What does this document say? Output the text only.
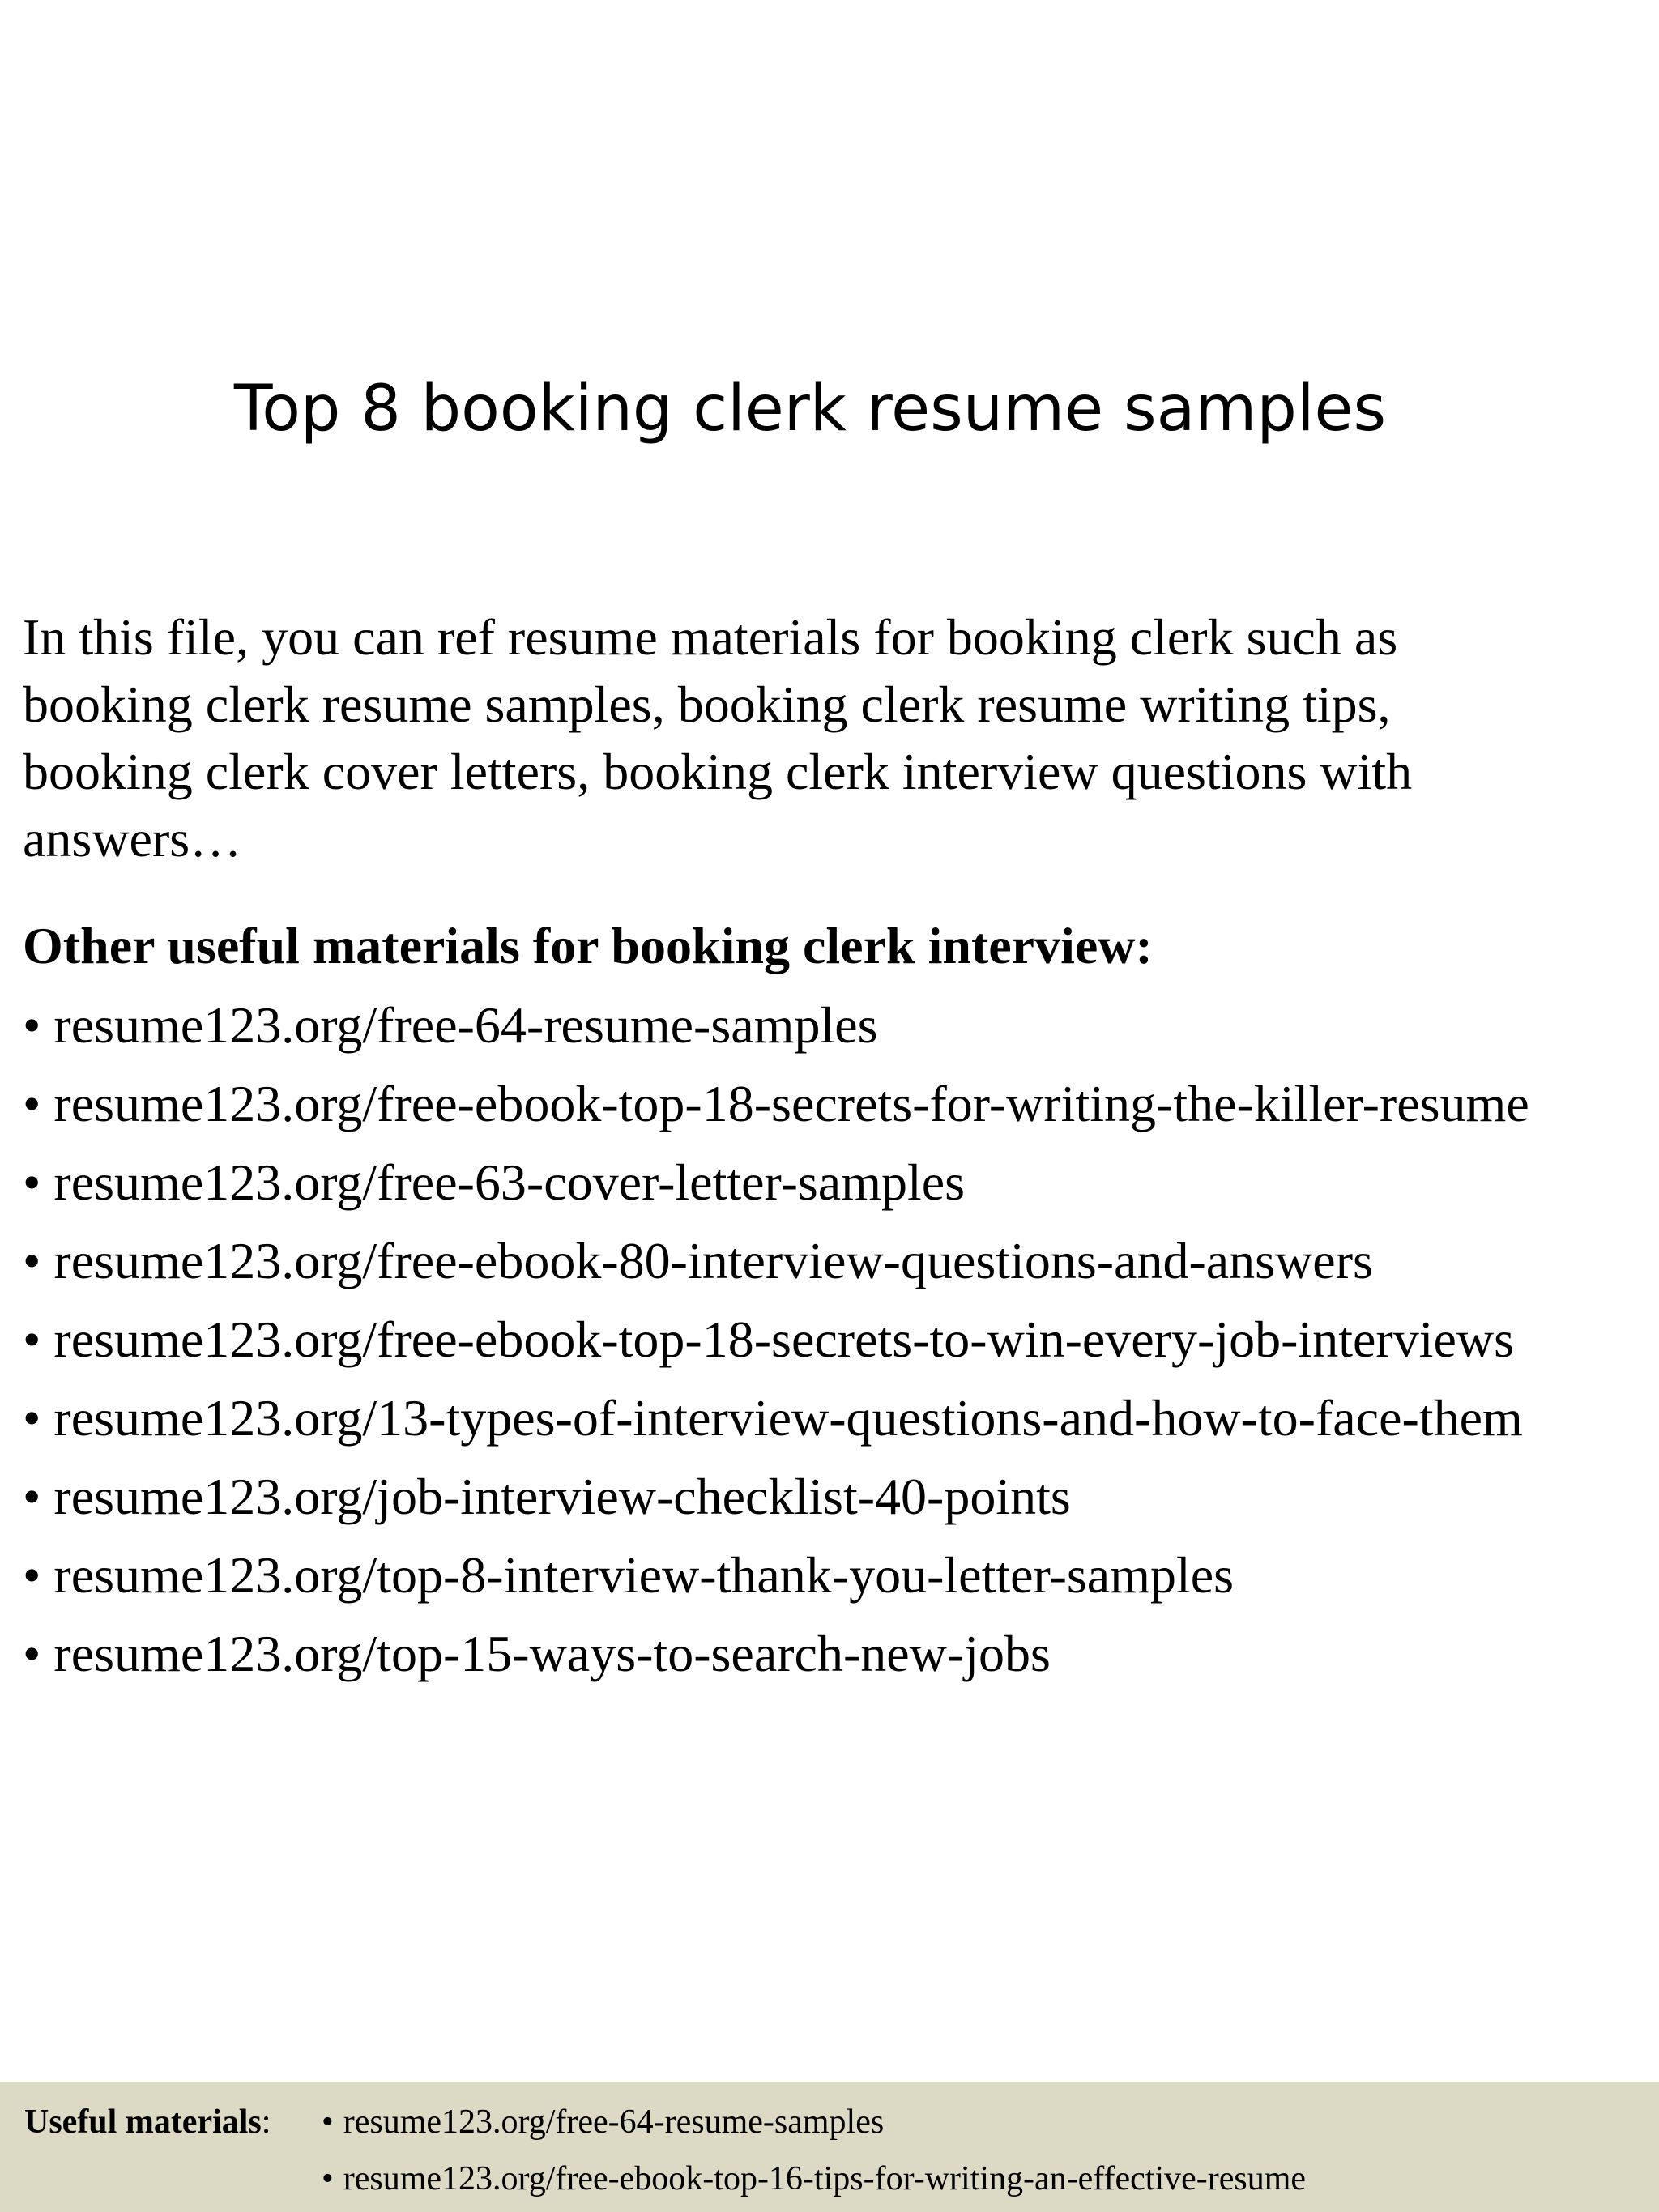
Top 8 booking clerk resume samples

In this file, you can ref resume materials for booking clerk such as

booking clerk resume samples, booking clerk resume writing tips,

booking clerk cover letters, booking clerk interview questions with

answers…

Other useful materials for booking clerk interview:
• resume123.org/free-64-resume-samples
• resume123.org/free-ebook-top-18-secrets-for-writing-the-killer-resume
• resume123.org/free-63-cover-letter-samples
• resume123.org/free-ebook-80-interview-questions-and-answers
• resume123.org/free-ebook-top-18-secrets-to-win-every-job-interviews
• resume123.org/13-types-of-interview-questions-and-how-to-face-them
• resume123.org/job-interview-checklist-40-points
• resume123.org/top-8-interview-thank-you-letter-samples
• resume123.org/top-15-ways-to-search-new-jobs
Useful materials: • resume123.org/free-64-resume-samples
• resume123.org/free-ebook-top-16-tips-for-writing-an-effective-resume
